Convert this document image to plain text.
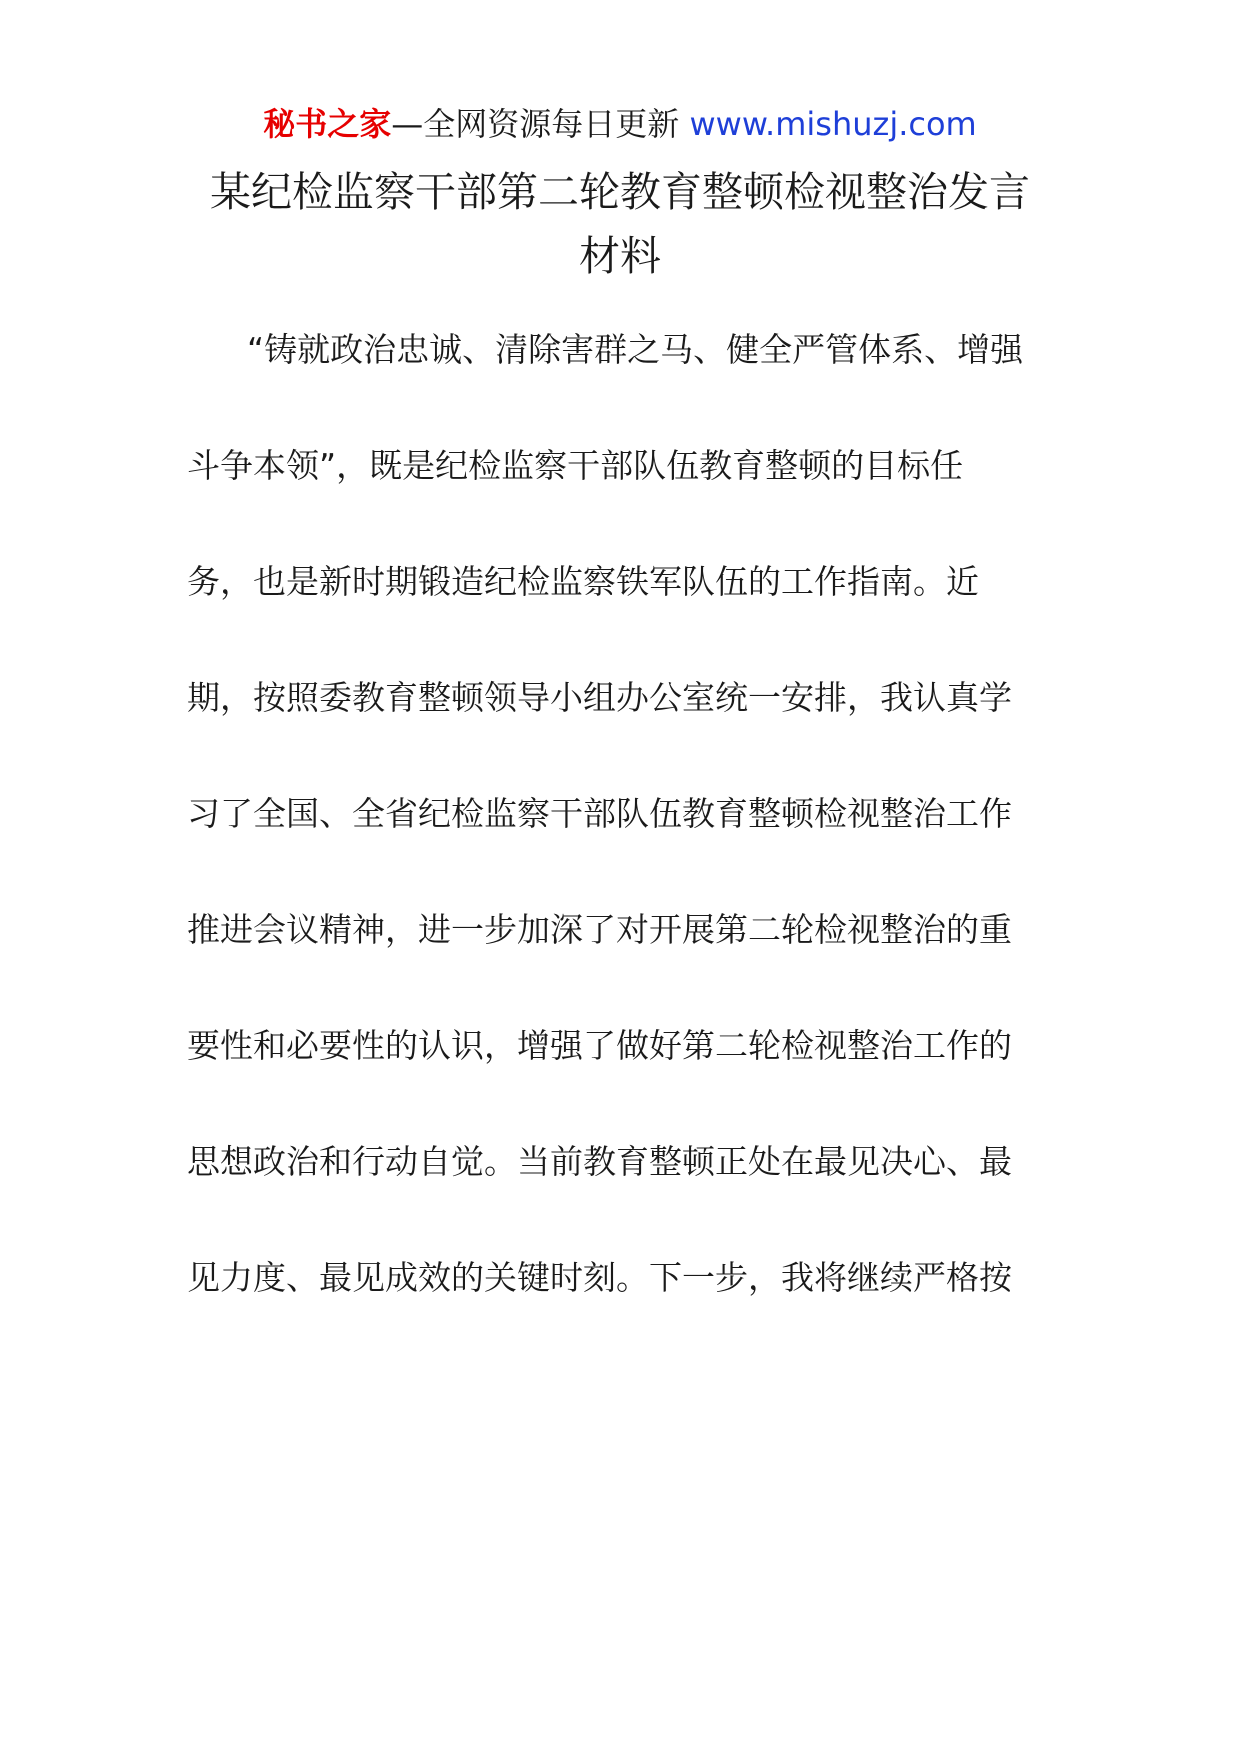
秘书之家—全网资源每日更新 www.mishuzj.com
某纪检监察干部第二轮教育整顿检视整治发言
材料
“铸就政治忠诚、清除害群之马、健全严管体系、增强
斗争本领”，既是纪检监察干部队伍教育整顿的目标任
务，也是新时期锻造纪检监察铁军队伍的工作指南。近
期，按照委教育整顿领导小组办公室统一安排，我认真学
习了全国、全省纪检监察干部队伍教育整顿检视整治工作
推进会议精神，进一步加深了对开展第二轮检视整治的重
要性和必要性的认识，增强了做好第二轮检视整治工作的
思想政治和行动自觉。当前教育整顿正处在最见决心、最
见力度、最见成效的关键时刻。下一步，我将继续严格按
